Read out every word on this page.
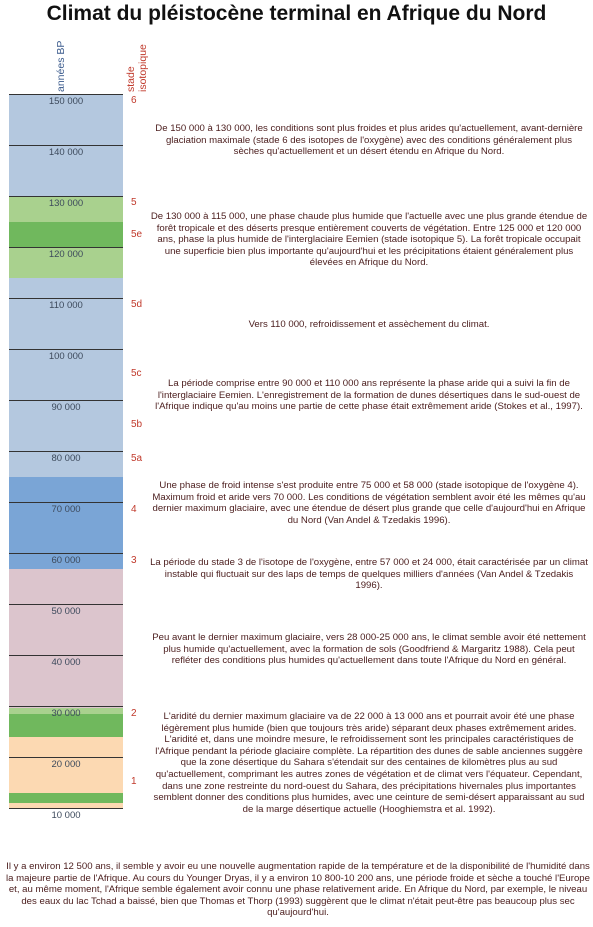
Climat du pléistocène terminal en Afrique du Nord
années BP	stade isotopique
150 000
140 000
130 000
120 000
110 000
100 000
90 000
80 000
70 000
60 000
50 000
40 000
30 000
20 000
10 000
6
5
5e
5d
5c
5b
5a
4
3
2
1
De 150 000 à 130 000, les conditions sont plus froides et plus arides qu'actuellement, avant-dernière glaciation maximale (stade 6 des isotopes de l'oxygène) avec des conditions généralement plus sèches qu'actuellement et un désert étendu en Afrique du Nord.
De 130 000 à 115 000, une phase chaude plus humide que l'actuelle avec une plus grande étendue de forêt tropicale et des déserts presque entièrement couverts de végétation. Entre 125 000 et 120 000 ans, phase la plus humide de l'interglaciaire Eemien (stade isotopique 5). La forêt tropicale occupait une superficie bien plus importante qu'aujourd'hui et les précipitations étaient généralement plus élevées en Afrique du Nord.
Vers 110 000, refroidissement et assèchement du climat.
La période comprise entre 90 000 et 110 000 ans représente la phase aride qui a suivi la fin de l'interglaciaire Eemien. L'enregistrement de la formation de dunes désertiques dans le sud-ouest de l'Afrique indique qu'au moins une partie de cette phase était extrêmement aride (Stokes et al., 1997).
Une phase de froid intense s'est produite entre 75 000 et 58 000 (stade isotopique de l'oxygène 4). Maximum froid et aride vers 70 000. Les conditions de végétation semblent avoir été les mêmes qu'au dernier maximum glaciaire, avec une étendue de désert plus grande que celle d'aujourd'hui en Afrique du Nord (Van Andel & Tzedakis 1996).
La période du stade 3 de l'isotope de l'oxygène, entre 57 000 et 24 000, était caractérisée par un climat instable qui fluctuait sur des laps de temps de quelques milliers d'années (Van Andel & Tzedakis 1996).
Peu avant le dernier maximum glaciaire, vers 28 000-25 000 ans, le climat semble avoir été nettement plus humide qu'actuellement, avec la formation de sols (Goodfriend & Margaritz 1988). Cela peut refléter des conditions plus humides qu'actuellement dans toute l'Afrique du Nord en général.
L'aridité du dernier maximum glaciaire va de 22 000 à 13 000 ans et pourrait avoir été une phase légèrement plus humide (bien que toujours très aride) séparant deux phases extrêmement arides. L'aridité et, dans une moindre mesure, le refroidissement sont les principales caractéristiques de l'Afrique pendant la période glaciaire complète. La répartition des dunes de sable anciennes suggère que la zone désertique du Sahara s'étendait sur des centaines de kilomètres plus au sud qu'actuellement, comprimant les autres zones de végétation et de climat vers l'équateur. Cependant, dans une zone restreinte du nord-ouest du Sahara, des précipitations hivernales plus importantes semblent donner des conditions plus humides, avec une ceinture de semi-désert apparaissant au sud de la marge désertique actuelle (Hooghiemstra et al. 1992).
Il y a environ 12 500 ans, il semble y avoir eu une nouvelle augmentation rapide de la température et de la disponibilité de l'humidité dans la majeure partie de l'Afrique. Au cours du Younger Dryas, il y a environ 10 800-10 200 ans, une période froide et sèche a touché l'Europe et, au même moment, l'Afrique semble également avoir connu une phase relativement aride. En Afrique du Nord, par exemple, le niveau des eaux du lac Tchad a baissé, bien que Thomas et Thorp (1993) suggèrent que le climat n'était peut-être pas beaucoup plus sec qu'aujourd'hui.
